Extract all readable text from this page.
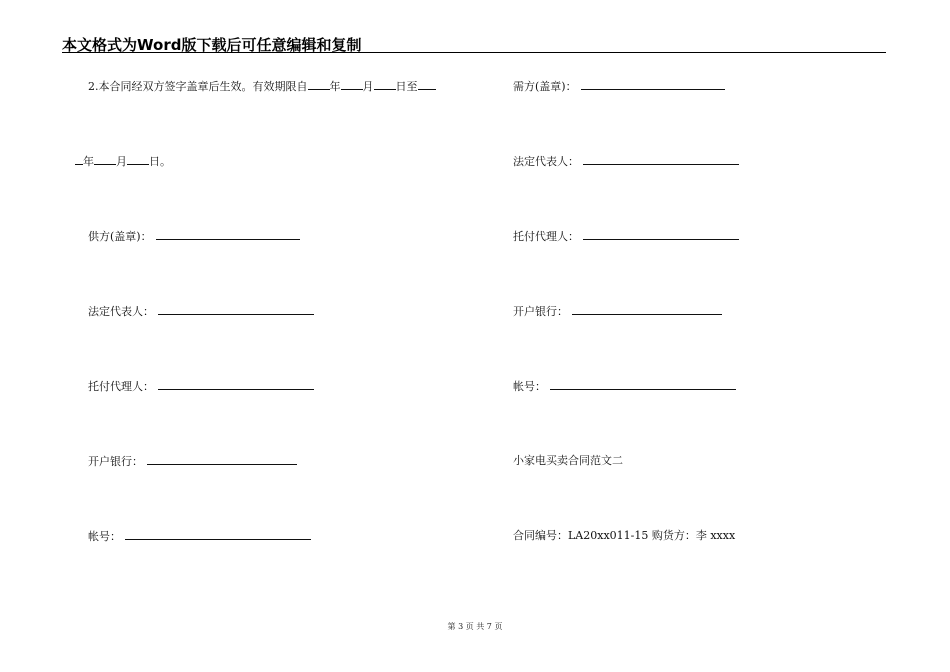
本文格式为Word版下载后可任意编辑和复制
2.本合同经双方签字盖章后生效。有效期限自 年 月 日至
年 月 日。
供方(盖章)：
法定代表人：
托付代理人：
开户银行：
帐号：
需方(盖章)：
法定代表人：
托付代理人：
开户银行：
帐号：
小家电买卖合同范文二
合同编号：LA20xx011-15 购货方：李 xxxx
第 3 页 共 7 页
